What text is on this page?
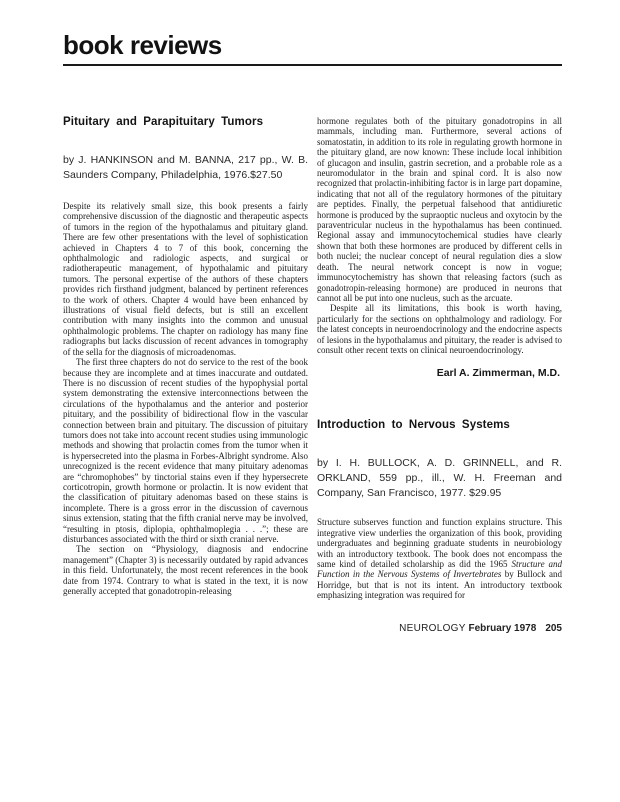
book reviews
Pituitary and Parapituitary Tumors

by J. HANKINSON and M. BANNA, 217 pp., W. B. Saunders Company, Philadelphia, 1976.$27.50

Despite its relatively small size, this book presents a fairly comprehensive discussion of the diagnostic and therapeutic aspects of tumors in the region of the hypothalamus and pituitary gland. There are few other presentations with the level of sophistication achieved in Chapters 4 to 7 of this book, concerning the ophthalmologic and radiologic aspects, and surgical or radiotherapeutic management, of hypothalamic and pituitary tumors. The personal expertise of the authors of these chapters provides rich firsthand judgment, balanced by pertinent references to the work of others. Chapter 4 would have been enhanced by illustrations of visual field defects, but is still an excellent contribution with many insights into the common and unusual ophthalmologic problems. The chapter on radiology has many fine radiographs but lacks discussion of recent advances in tomography of the sella for the diagnosis of microadenomas.

The first three chapters do not do service to the rest of the book because they are incomplete and at times inaccurate and outdated. There is no discussion of recent studies of the hypophysial portal system demonstrating the extensive interconnections between the circulations of the hypothalamus and the anterior and posterior pituitary, and the possibility of bidirectional flow in the vascular connection between brain and pituitary. The discussion of pituitary tumors does not take into account recent studies using immunologic methods and showing that prolactin comes from the tumor when it is hypersecreted into the plasma in Forbes-Albright syndrome. Also unrecognized is the recent evidence that many pituitary adenomas are “chromophobes” by tinctorial stains even if they hypersecrete corticotropin, growth hormone or prolactin. It is now evident that the classification of pituitary adenomas based on these stains is incomplete. There is a gross error in the discussion of cavernous sinus extension, stating that the fifth cranial nerve may be involved, “resulting in ptosis, diplopia, ophthalmoplegia . . .”; these are disturbances associated with the third or sixth cranial nerve.

The section on “Physiology, diagnosis and endocrine management” (Chapter 3) is necessarily outdated by rapid advances in this field. Unfortunately, the most recent references in the book date from 1974. Contrary to what is stated in the text, it is now generally accepted that gonadotropin-releasing

hormone regulates both of the pituitary gonadotropins in all mammals, including man. Furthermore, several actions of somatostatin, in addition to its role in regulating growth hormone in the pituitary gland, are now known: These include local inhibition of glucagon and insulin, gastrin secretion, and a probable role as a neuromodulator in the brain and spinal cord. It is also now recognized that prolactin-inhibiting factor is in large part dopamine, indicating that not all of the regulatory hormones of the pituitary are peptides. Finally, the perpetual falsehood that antidiuretic hormone is produced by the supraoptic nucleus and oxytocin by the paraventricular nucleus in the hypothalamus has been continued. Regional assay and immunocytochemical studies have clearly shown that both these hormones are produced by different cells in both nuclei; the nuclear concept of neural regulation dies a slow death. The neural network concept is now in vogue; immunocytochemistry has shown that releasing factors (such as gonadotropin-releasing hormone) are produced in neurons that cannot all be put into one nucleus, such as the arcuate.

Despite all its limitations, this book is worth having, particularly for the sections on ophthalmology and radiology. For the latest concepts in neuroendocrinology and the endocrine aspects of lesions in the hypothalamus and pituitary, the reader is advised to consult other recent texts on clinical neuroendocrinology.

Earl A. Zimmerman, M.D.

Introduction to Nervous Systems

by I. H. BULLOCK, A. D. GRINNELL, and R. ORKLAND, 559 pp., ill., W. H. Freeman and Company, San Francisco, 1977. $29.95

Structure subserves function and function explains structure. This integrative view underlies the organization of this book, providing undergraduates and beginning graduate students in neurobiology with an introductory textbook. The book does not encompass the same kind of detailed scholarship as did the 1965 Structure and Function in the Nervous Systems of Invertebrates by Bullock and Horridge, but that is not its intent. An introductory textbook emphasizing integration was required for

NEUROLOGY February 1978 205
